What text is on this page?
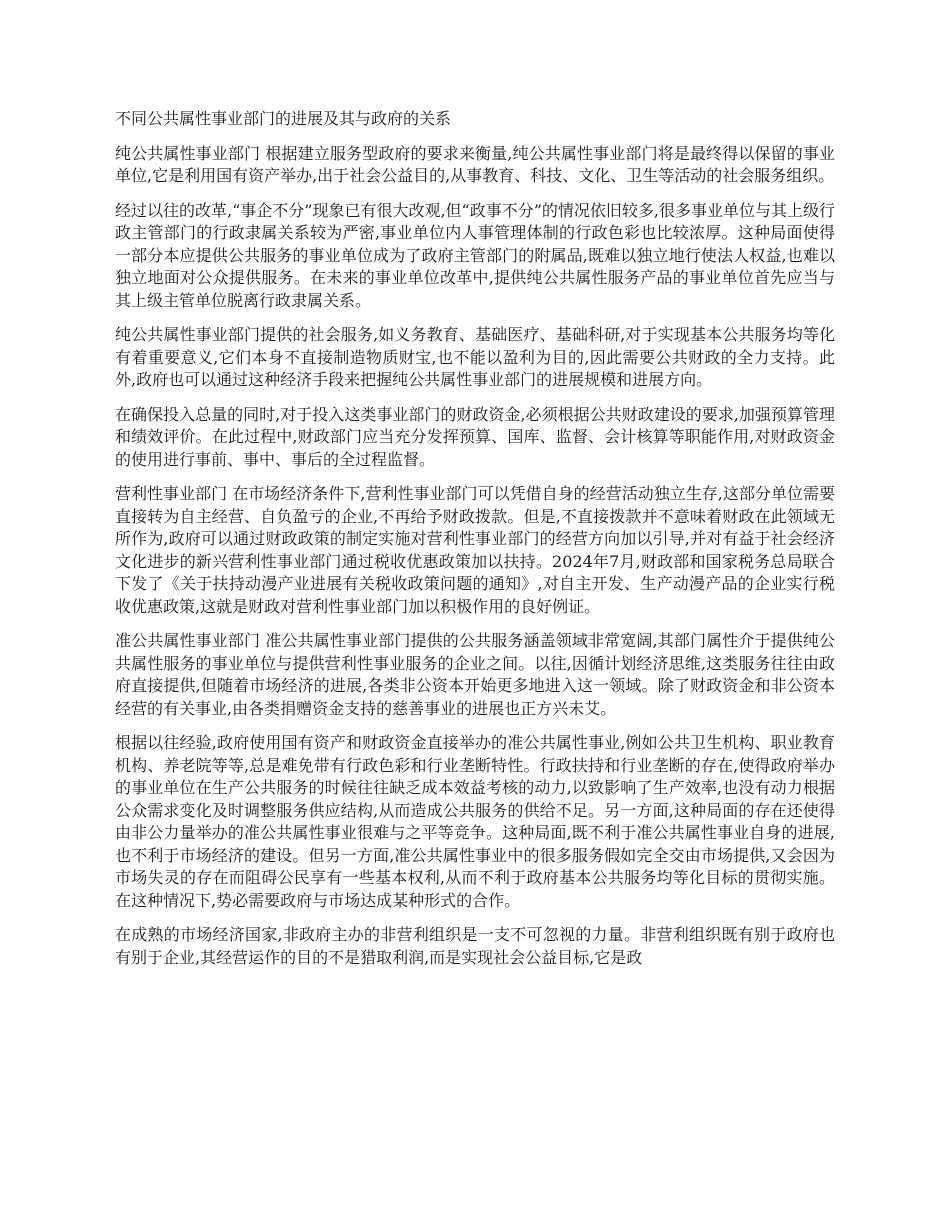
不同公共属性事业部门的进展及其与政府的关系

纯公共属性事业部门 根据建立服务型政府的要求来衡量,纯公共属性事业部门将是最终得以保留的事业单位,它是利用国有资产举办,出于社会公益目的,从事教育、科技、文化、卫生等活动的社会服务组织。

经过以往的改革,“事企不分”现象已有很大改观,但“政事不分”的情况依旧较多,很多事业单位与其上级行政主管部门的行政隶属关系较为严密,事业单位内人事管理体制的行政色彩也比较浓厚。这种局面使得一部分本应提供公共服务的事业单位成为了政府主管部门的附属品,既难以独立地行使法人权益,也难以独立地面对公众提供服务。在未来的事业单位改革中,提供纯公共属性服务产品的事业单位首先应当与其上级主管单位脱离行政隶属关系。

纯公共属性事业部门提供的社会服务,如义务教育、基础医疗、基础科研,对于实现基本公共服务均等化有着重要意义,它们本身不直接制造物质财宝,也不能以盈利为目的,因此需要公共财政的全力支持。此外,政府也可以通过这种经济手段来把握纯公共属性事业部门的进展规模和进展方向。

在确保投入总量的同时,对于投入这类事业部门的财政资金,必须根据公共财政建设的要求,加强预算管理和绩效评价。在此过程中,财政部门应当充分发挥预算、国库、监督、会计核算等职能作用,对财政资金的使用进行事前、事中、事后的全过程监督。

营利性事业部门 在市场经济条件下,营利性事业部门可以凭借自身的经营活动独立生存,这部分单位需要直接转为自主经营、自负盈亏的企业,不再给予财政拨款。但是,不直接拨款并不意味着财政在此领域无所作为,政府可以通过财政政策的制定实施对营利性事业部门的经营方向加以引导,并对有益于社会经济文化进步的新兴营利性事业部门通过税收优惠政策加以扶持。2024年7月,财政部和国家税务总局联合下发了《关于扶持动漫产业进展有关税收政策问题的通知》,对自主开发、生产动漫产品的企业实行税收优惠政策,这就是财政对营利性事业部门加以积极作用的良好例证。

准公共属性事业部门 准公共属性事业部门提供的公共服务涵盖领域非常宽阔,其部门属性介于提供纯公共属性服务的事业单位与提供营利性事业服务的企业之间。以往,因循计划经济思维,这类服务往往由政府直接提供,但随着市场经济的进展,各类非公资本开始更多地进入这一领域。除了财政资金和非公资本经营的有关事业,由各类捐赠资金支持的慈善事业的进展也正方兴未艾。

根据以往经验,政府使用国有资产和财政资金直接举办的准公共属性事业,例如公共卫生机构、职业教育机构、养老院等等,总是难免带有行政色彩和行业垄断特性。行政扶持和行业垄断的存在,使得政府举办的事业单位在生产公共服务的时候往往缺乏成本效益考核的动力,以致影响了生产效率,也没有动力根据公众需求变化及时调整服务供应结构,从而造成公共服务的供给不足。另一方面,这种局面的存在还使得由非公力量举办的准公共属性事业很难与之平等竞争。这种局面,既不利于准公共属性事业自身的进展,也不利于市场经济的建设。但另一方面,准公共属性事业中的很多服务假如完全交由市场提供,又会因为市场失灵的存在而阻碍公民享有一些基本权利,从而不利于政府基本公共服务均等化目标的贯彻实施。在这种情况下,势必需要政府与市场达成某种形式的合作。

在成熟的市场经济国家,非政府主办的非营利组织是一支不可忽视的力量。非营利组织既有别于政府也有别于企业,其经营运作的目的不是猎取利润,而是实现社会公益目标,它是政
